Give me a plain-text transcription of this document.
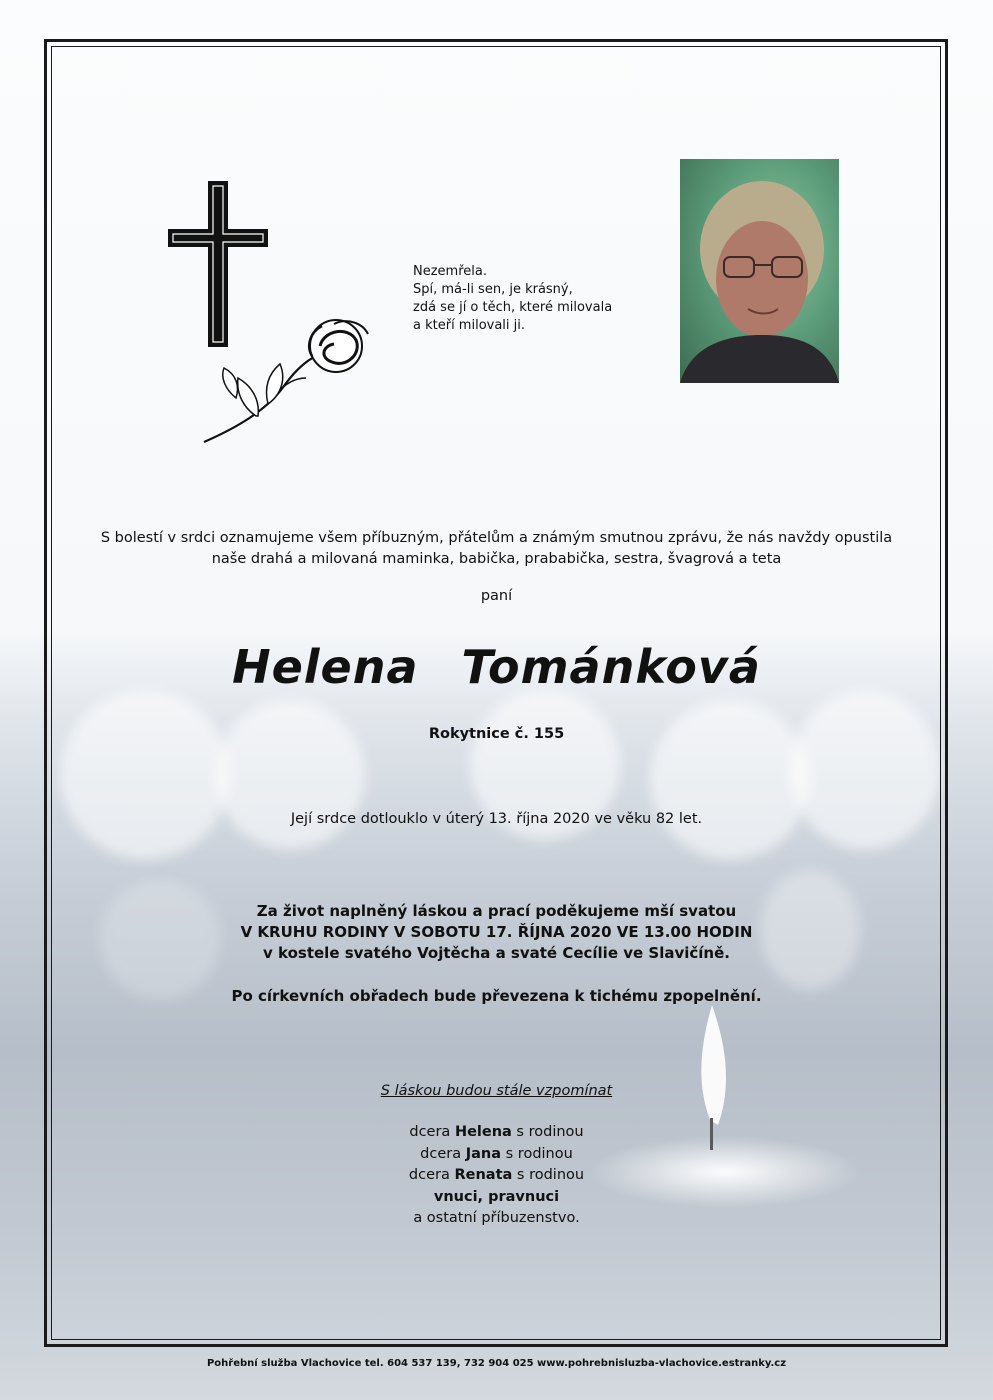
Nezemřela.
Spí, má-li sen, je krásný,
zdá se jí o těch, které milovala
a kteří milovali ji.
S bolestí v srdci oznamujeme všem příbuzným, přátelům a známým smutnou zprávu, že nás navždy opustila
naše drahá a milovaná maminka, babička, prababička, sestra, švagrová a teta
paní
Helena Tománková
Rokytnice č. 155
Její srdce dotlouklo v úterý 13. října 2020 ve věku 82 let.
Za život naplněný láskou a prací poděkujeme mší svatou
V KRUHU RODINY V SOBOTU 17. ŘÍJNA 2020 VE 13.00 HODIN
v kostele svatého Vojtěcha a svaté Cecílie ve Slavičíně.
Po církevních obřadech bude převezena k tichému zpopelnění.
S láskou budou stále vzpomínat
dcera Helena s rodinou
dcera Jana s rodinou
dcera Renata s rodinou
vnuci, pravnuci
a ostatní příbuzenstvo.
Pohřební služba Vlachovice tel. 604 537 139, 732 904 025 www.pohrebnisluzba-vlachovice.estranky.cz
